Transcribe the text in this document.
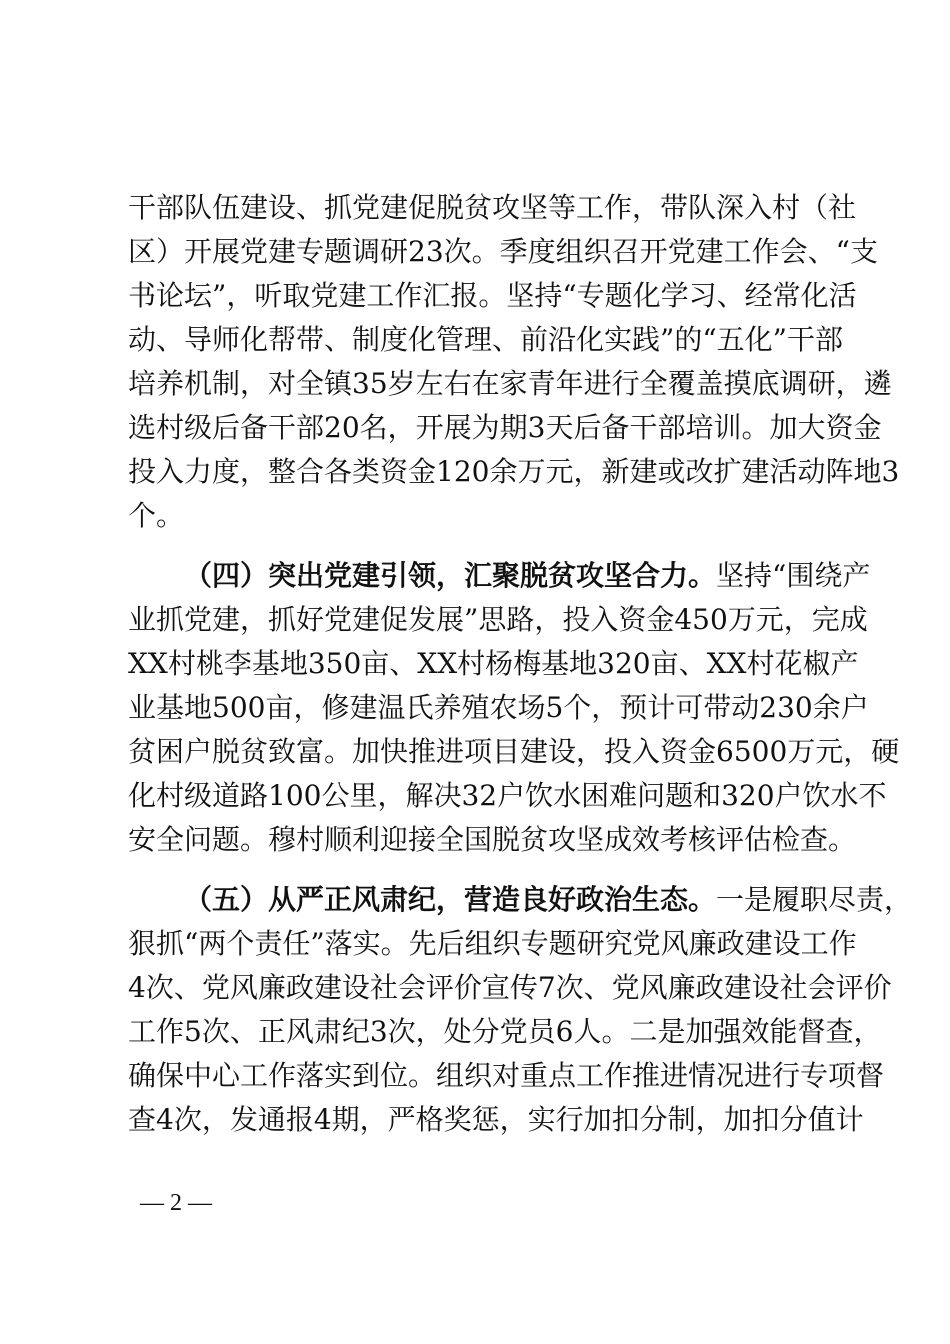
干部队伍建设、抓党建促脱贫攻坚等工作，带队深入村（社
区）开展党建专题调研23次。季度组织召开党建工作会、“支
书论坛”，听取党建工作汇报。坚持“专题化学习、经常化活
动、导师化帮带、制度化管理、前沿化实践”的“五化”干部
培养机制，对全镇35岁左右在家青年进行全覆盖摸底调研，遴
选村级后备干部20名，开展为期3天后备干部培训。加大资金
投入力度，整合各类资金120余万元，新建或改扩建活动阵地3
个。
（四）突出党建引领，汇聚脱贫攻坚合力。坚持“围绕产
业抓党建，抓好党建促发展”思路，投入资金450万元，完成
XX村桃李基地350亩、XX村杨梅基地320亩、XX村花椒产
业基地500亩，修建温氏养殖农场5个，预计可带动230余户
贫困户脱贫致富。加快推进项目建设，投入资金6500万元，硬
化村级道路100公里，解决32户饮水困难问题和320户饮水不
安全问题。穆村顺利迎接全国脱贫攻坚成效考核评估检查。
（五）从严正风肃纪，营造良好政治生态。一是履职尽责，
狠抓“两个责任”落实。先后组织专题研究党风廉政建设工作
4次、党风廉政建设社会评价宣传7次、党风廉政建设社会评价
工作5次、正风肃纪3次，处分党员6人。二是加强效能督查，
确保中心工作落实到位。组织对重点工作推进情况进行专项督
查4次，发通报4期，严格奖惩，实行加扣分制，加扣分值计
— 2 —
